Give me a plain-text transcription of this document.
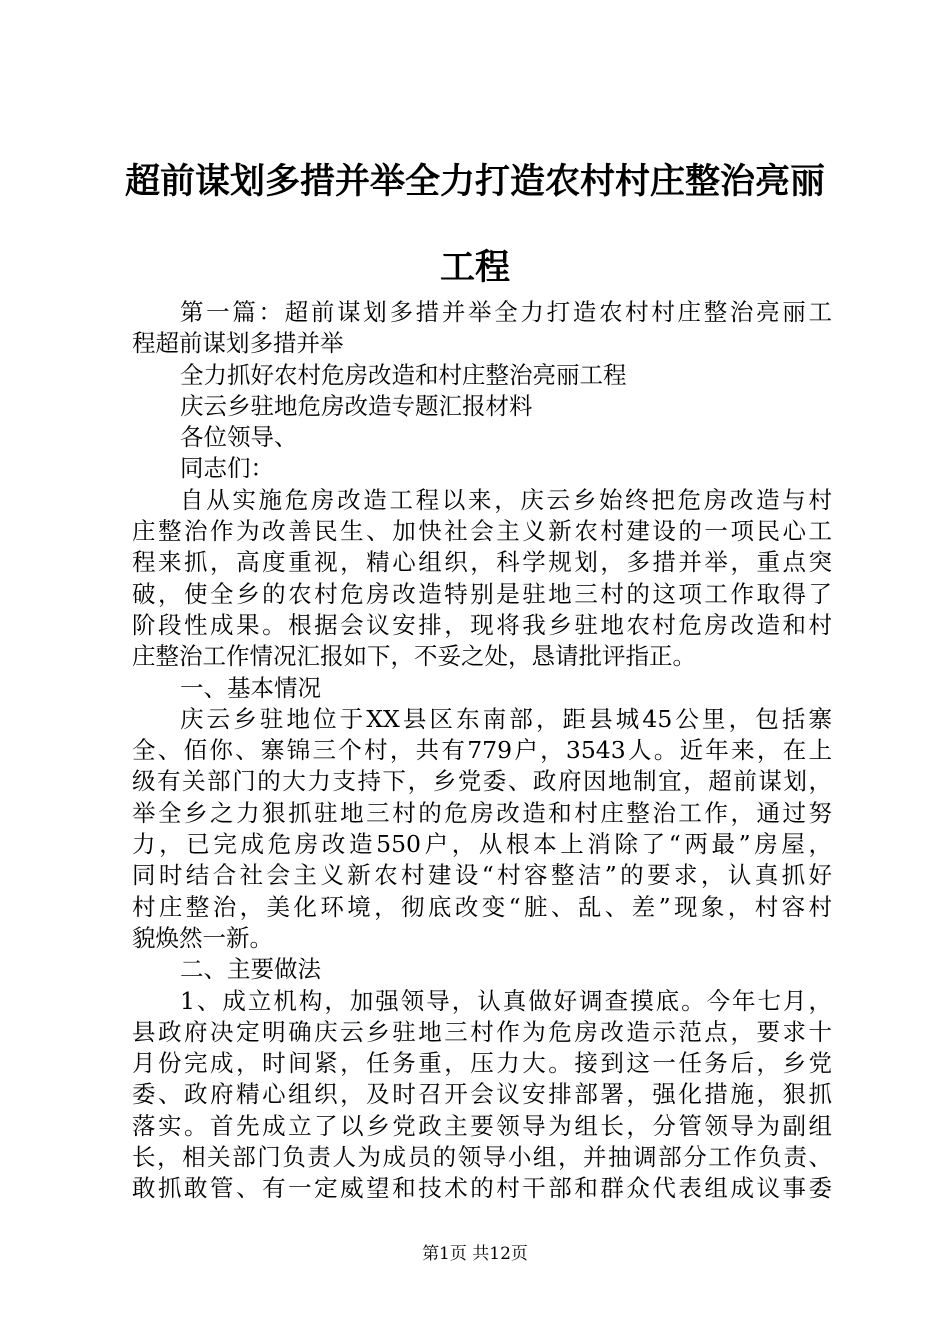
超前谋划多措并举全力打造农村村庄整治亮丽
工程
第一篇：超前谋划多措并举全力打造农村村庄整治亮丽工
程超前谋划多措并举
全力抓好农村危房改造和村庄整治亮丽工程
庆云乡驻地危房改造专题汇报材料
各位领导、
同志们：
自从实施危房改造工程以来，庆云乡始终把危房改造与村
庄整治作为改善民生、加快社会主义新农村建设的一项民心工
程来抓，高度重视，精心组织，科学规划，多措并举，重点突
破，使全乡的农村危房改造特别是驻地三村的这项工作取得了
阶段性成果。根据会议安排，现将我乡驻地农村危房改造和村
庄整治工作情况汇报如下，不妥之处，恳请批评指正。
一、基本情况
庆云乡驻地位于XX县区东南部，距县城45公里，包括寨
全、佰你、寨锦三个村，共有779户，3543人。近年来，在上
级有关部门的大力支持下，乡党委、政府因地制宜，超前谋划，
举全乡之力狠抓驻地三村的危房改造和村庄整治工作，通过努
力，已完成危房改造550户，从根本上消除了“两最”房屋，
同时结合社会主义新农村建设“村容整洁”的要求，认真抓好
村庄整治，美化环境，彻底改变“脏、乱、差”现象，村容村
貌焕然一新。
二、主要做法
1、成立机构，加强领导，认真做好调查摸底。今年七月，
县政府决定明确庆云乡驻地三村作为危房改造示范点，要求十
月份完成，时间紧，任务重，压力大。接到这一任务后，乡党
委、政府精心组织，及时召开会议安排部署，强化措施，狠抓
落实。首先成立了以乡党政主要领导为组长，分管领导为副组
长，相关部门负责人为成员的领导小组，并抽调部分工作负责、
敢抓敢管、有一定威望和技术的村干部和群众代表组成议事委
第1页 共12页
